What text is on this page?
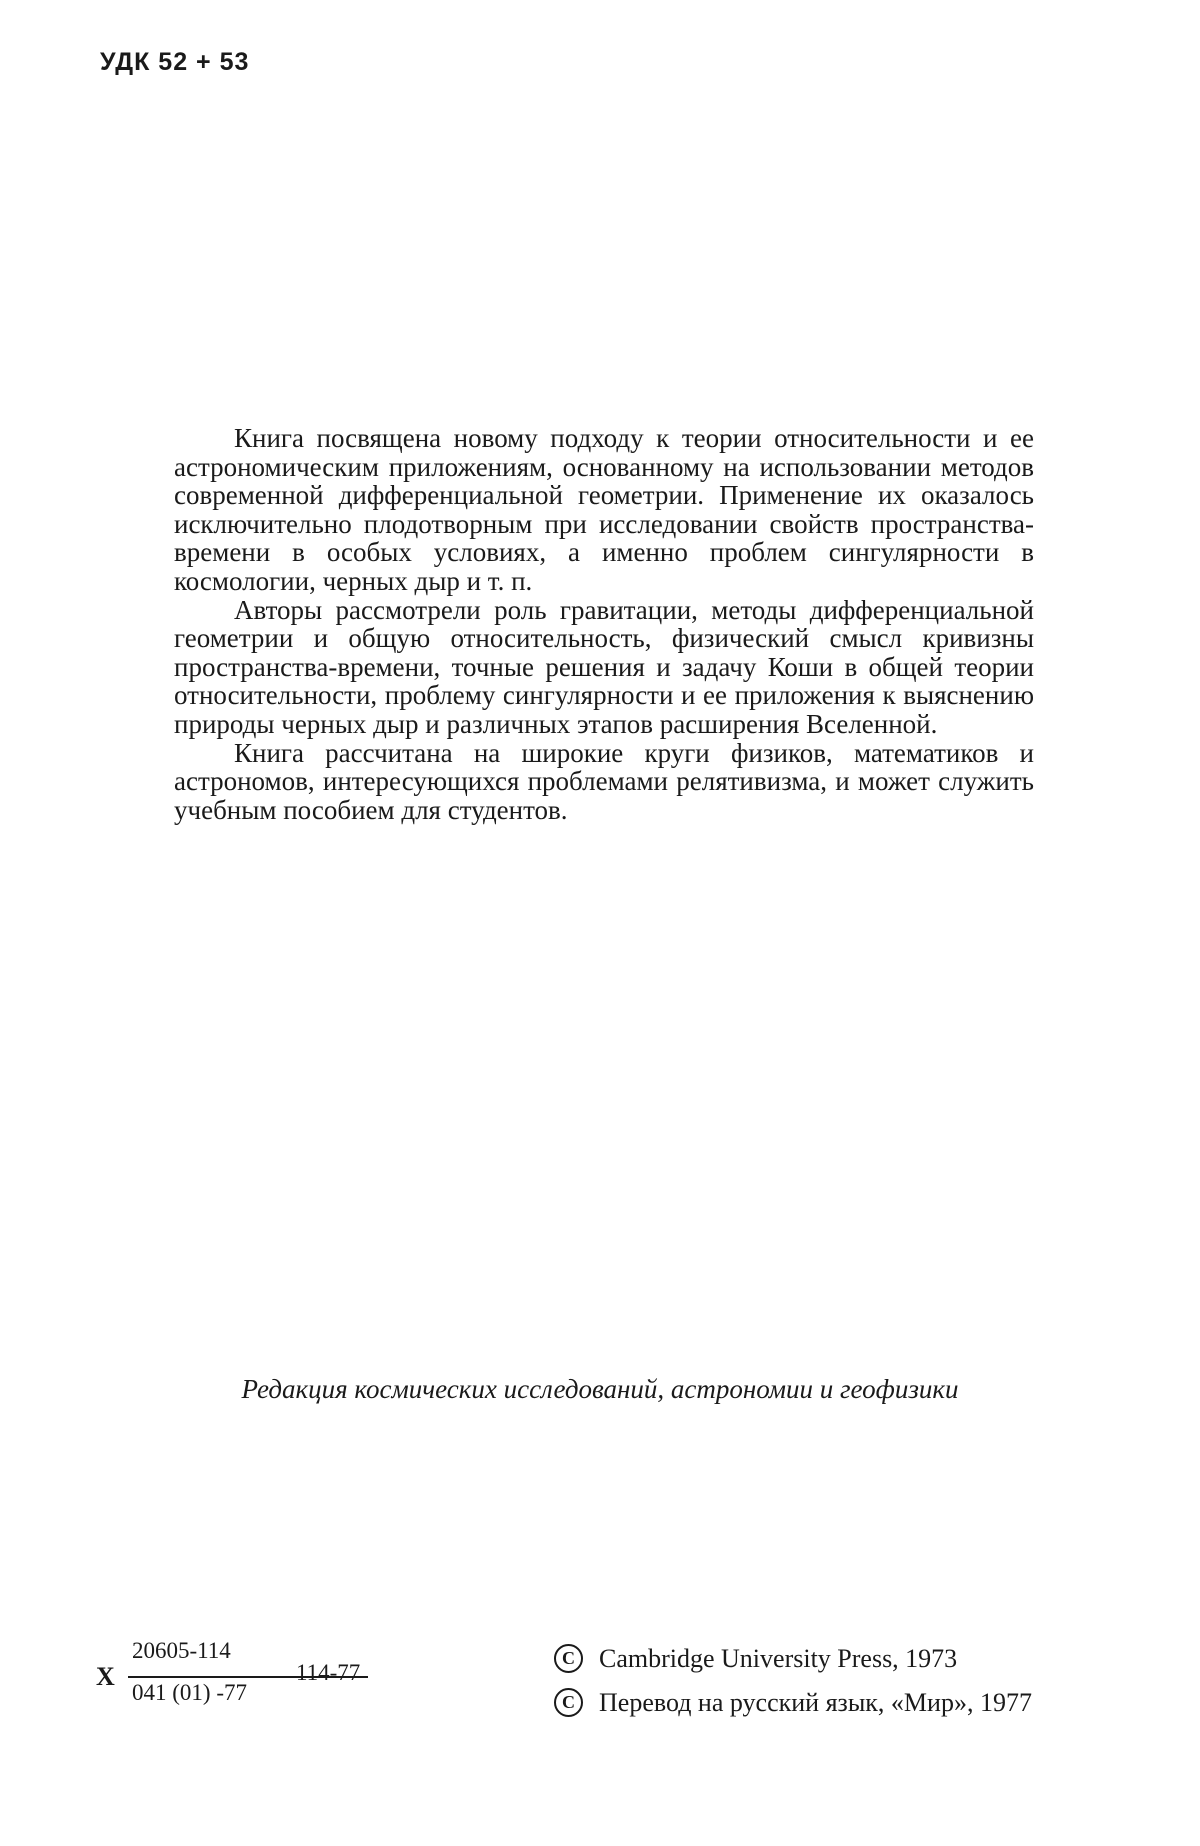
УДК 52 + 53

Книга посвящена новому подходу к теории относительности и ее астрономическим приложениям, основанному на использовании методов современной дифференциальной геометрии. Применение их оказалось исключительно плодотворным при исследовании свойств пространства-времени в особых условиях, а именно проблем сингулярности в космологии, черных дыр и т. п.

Авторы рассмотрели роль гравитации, методы дифференциальной геометрии и общую относительность, физический смысл кривизны пространства-времени, точные решения и задачу Коши в общей теории относительности, проблему сингулярности и ее приложения к выяснению природы черных дыр и различных этапов расширения Вселенной.

Книга рассчитана на широкие круги физиков, математиков и астрономов, интересующихся проблемами релятивизма, и может служить учебным пособием для студентов.

Редакция космических исследований, астрономии и геофизики
X
20605-114
041 (01) -77
114-77
C Cambridge University Press, 1973
C Перевод на русский язык, «Мир», 1977
